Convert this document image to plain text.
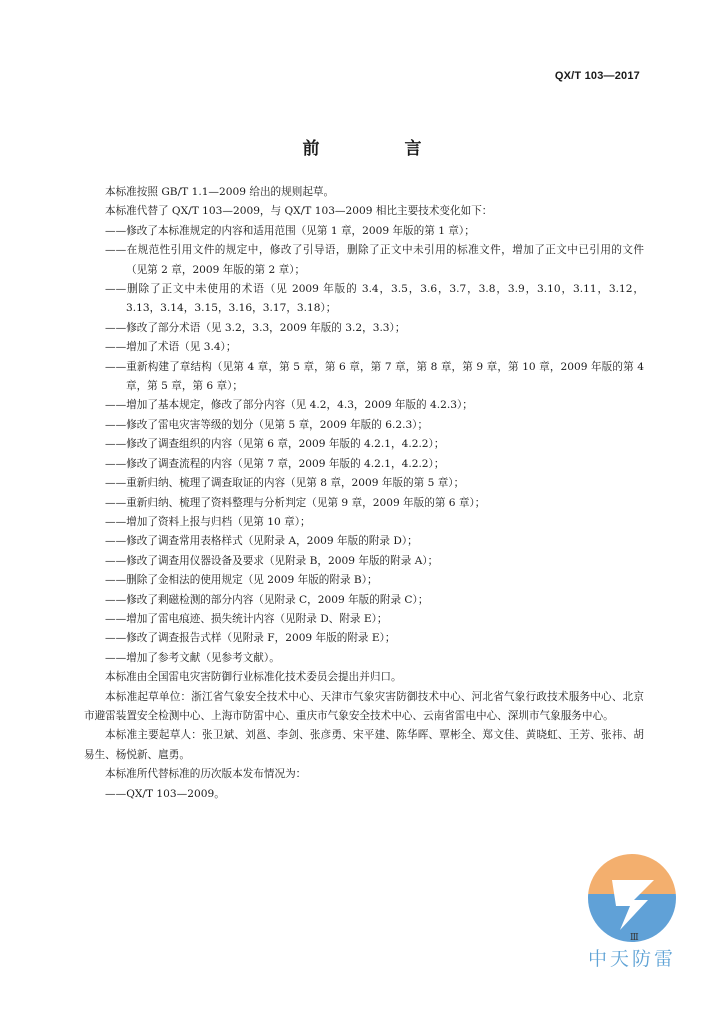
QX/T 103—2017
前　言

本标准按照 GB/T 1.1—2009 给出的规则起草。

本标准代替了 QX/T 103—2009，与 QX/T 103—2009 相比主要技术变化如下：

——修改了本标准规定的内容和适用范围（见第 1 章，2009 年版的第 1 章）；

——在规范性引用文件的规定中，修改了引导语，删除了正文中未引用的标准文件，增加了正文中已引用的文件（见第 2 章，2009 年版的第 2 章）；

——删除了正文中未使用的术语（见 2009 年版的 3.4，3.5，3.6，3.7，3.8，3.9，3.10，3.11，3.12，3.13，3.14，3.15，3.16，3.17，3.18）；

——修改了部分术语（见 3.2，3.3，2009 年版的 3.2，3.3）；

——增加了术语（见 3.4）；

——重新构建了章结构（见第 4 章，第 5 章，第 6 章，第 7 章，第 8 章，第 9 章，第 10 章，2009 年版的第 4 章，第 5 章，第 6 章）；

——增加了基本规定，修改了部分内容（见 4.2，4.3，2009 年版的 4.2.3）；

——修改了雷电灾害等级的划分（见第 5 章，2009 年版的 6.2.3）；

——修改了调查组织的内容（见第 6 章，2009 年版的 4.2.1，4.2.2）；

——修改了调查流程的内容（见第 7 章，2009 年版的 4.2.1，4.2.2）；

——重新归纳、梳理了调查取证的内容（见第 8 章，2009 年版的第 5 章）；

——重新归纳、梳理了资料整理与分析判定（见第 9 章，2009 年版的第 6 章）；

——增加了资料上报与归档（见第 10 章）；

——修改了调查常用表格样式（见附录 A，2009 年版的附录 D）；

——修改了调查用仪器设备及要求（见附录 B，2009 年版的附录 A）；

——删除了金相法的使用规定（见 2009 年版的附录 B）；

——修改了剩磁检测的部分内容（见附录 C，2009 年版的附录 C）；

——增加了雷电痕迹、损失统计内容（见附录 D、附录 E）；

——修改了调查报告式样（见附录 F，2009 年版的附录 E）；

——增加了参考文献（见参考文献）。

本标准由全国雷电灾害防御行业标准化技术委员会提出并归口。

本标准起草单位：浙江省气象安全技术中心、天津市气象灾害防御技术中心、河北省气象行政技术服务中心、北京市避雷装置安全检测中心、上海市防雷中心、重庆市气象安全技术中心、云南省雷电中心、深圳市气象服务中心。

本标准主要起草人：张卫斌、刘邕、李剑、张彦勇、宋平建、陈华晖、覃彬全、郑文佳、黄晓虹、王芳、张祎、胡易生、杨悦新、扈勇。

本标准所代替标准的历次版本发布情况为：

——QX/T 103—2009。

Ⅲ
中天防雷
